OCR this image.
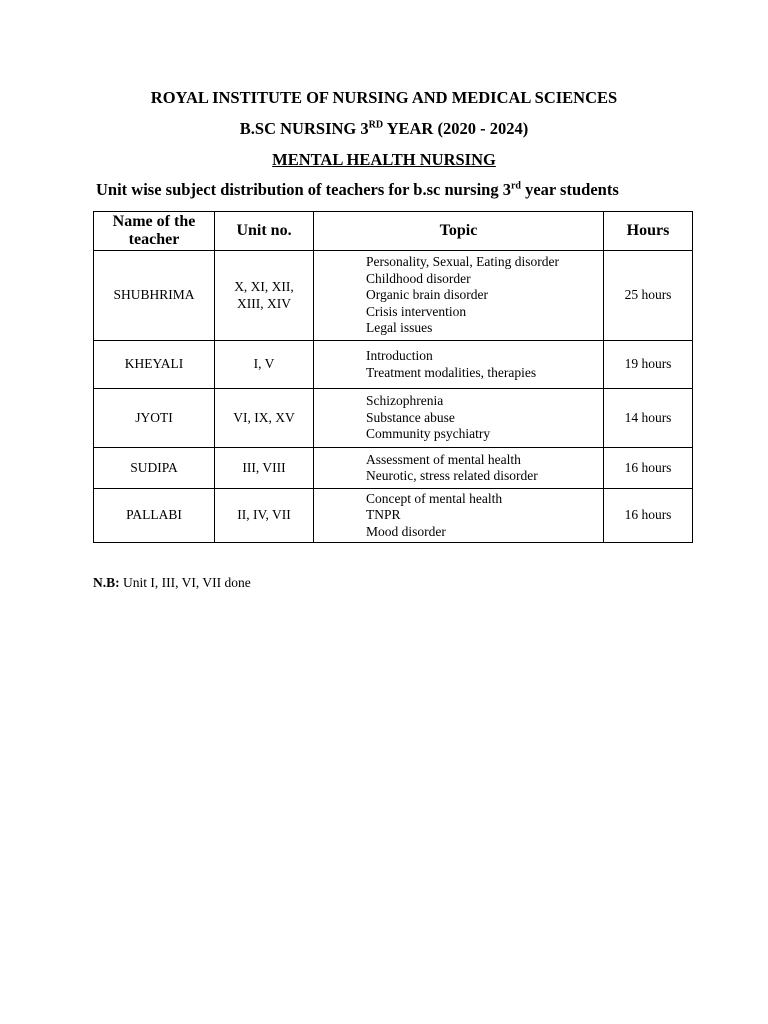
ROYAL INSTITUTE OF NURSING AND MEDICAL SCIENCES
B.SC NURSING 3RD YEAR (2020 - 2024)
MENTAL HEALTH NURSING
Unit wise subject distribution of teachers for b.sc nursing 3rd year students
Name of the teacher	Unit no.	Topic	Hours
SHUBHRIMA	X, XI, XII, XIII, XIV	Personality, Sexual, Eating disorder
Childhood disorder
Organic brain disorder
Crisis intervention
Legal issues	25 hours
KHEYALI	I, V	Introduction
Treatment modalities, therapies	19 hours
JYOTI	VI, IX, XV	Schizophrenia
Substance abuse
Community psychiatry	14 hours
SUDIPA	III, VIII	Assessment of mental health
Neurotic, stress related disorder	16 hours
PALLABI	II, IV, VII	Concept of mental health
TNPR
Mood disorder	16 hours
N.B: Unit I, III, VI, VII done
